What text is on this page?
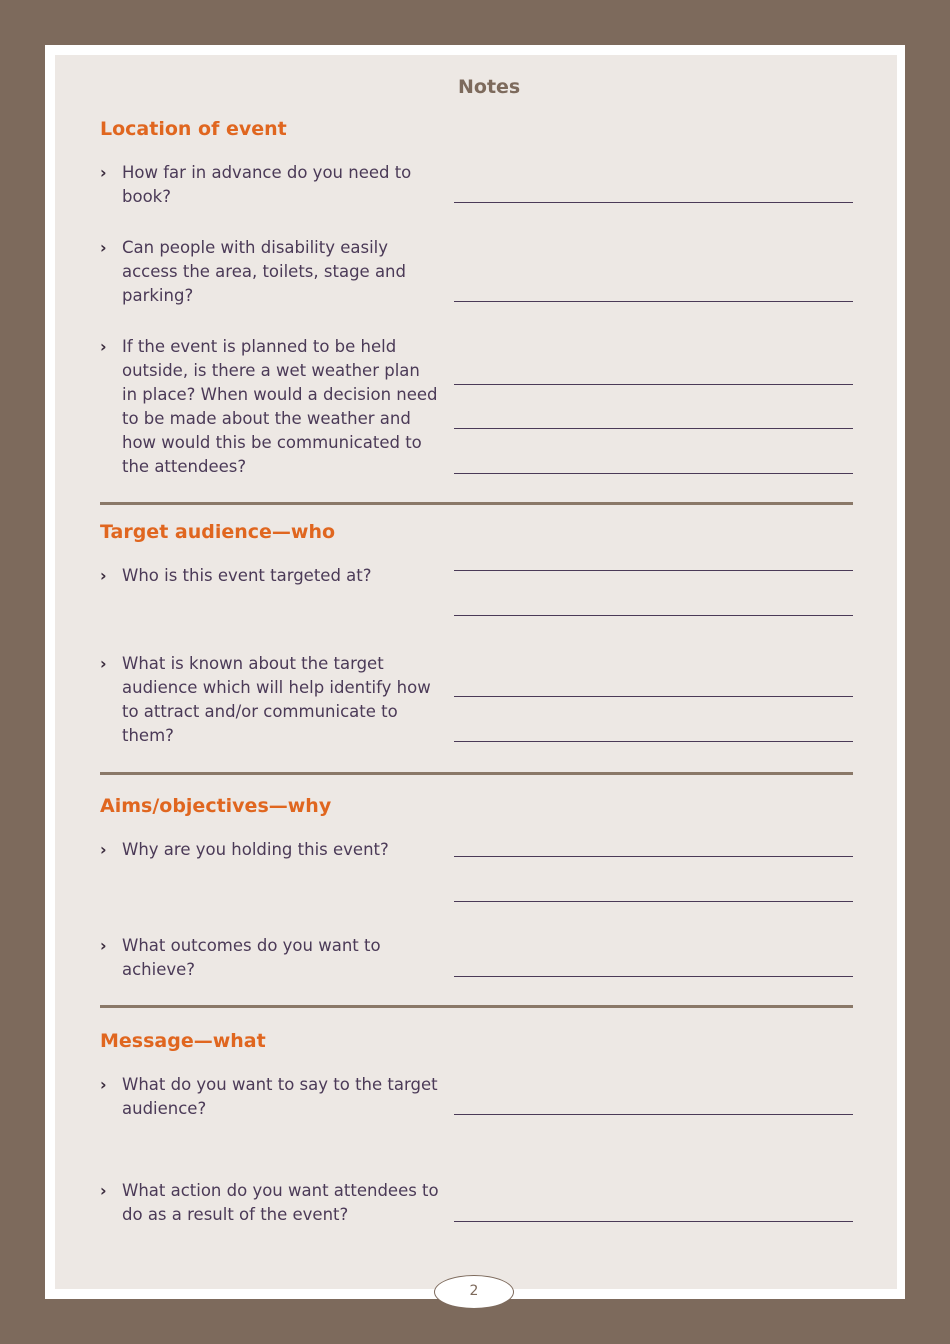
Notes
Location of event
› How far in advance do you need to book?
› Can people with disability easily access the area, toilets, stage and parking?
› If the event is planned to be held outside, is there a wet weather plan in place? When would a decision need to be made about the weather and how would this be communicated to the attendees?
Target audience—who
› Who is this event targeted at?
› What is known about the target audience which will help identify how to attract and/or communicate to them?
Aims/objectives—why
› Why are you holding this event?
› What outcomes do you want to achieve?
Message—what
› What do you want to say to the target audience?
› What action do you want attendees to do as a result of the event?
2
